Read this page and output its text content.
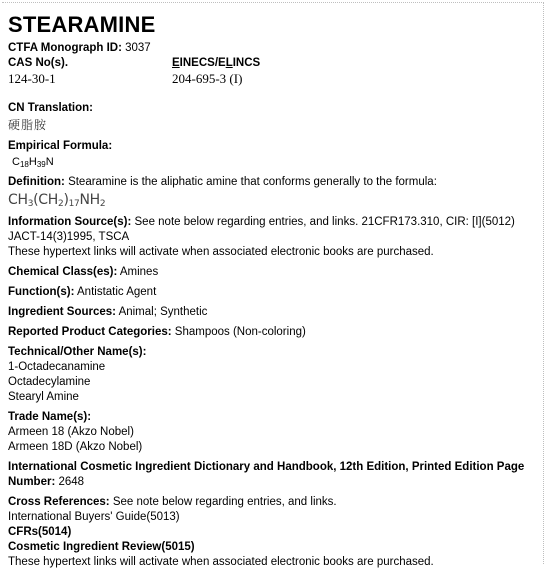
STEARAMINE
CTFA Monograph ID: 3037
CAS No(s).
124-30-1
EINECS/ELINCS
204-695-3 (I)
CN Translation:
硬脂胺
Empirical Formula:
$C_{18}H_{39}N$
Definition: Stearamine is the aliphatic amine that conforms generally to the formula:
$CH_3(CH_2)_{17}NH_2$
Information Source(s): See note below regarding entries, and links. 21CFR173.310, CIR: [I](5012)
JACT-14(3)1995, TSCA
These hypertext links will activate when associated electronic books are purchased.
Chemical Class(es): Amines
Function(s): Antistatic Agent
Ingredient Sources: Animal; Synthetic
Reported Product Categories: Shampoos (Non-coloring)
Technical/Other Name(s):
1-Octadecanamine
Octadecylamine
Stearyl Amine
Trade Name(s):
Armeen 18 (Akzo Nobel)
Armeen 18D (Akzo Nobel)
International Cosmetic Ingredient Dictionary and Handbook, 12th Edition, Printed Edition Page Number: 2648
Cross References: See note below regarding entries, and links.
International Buyers' Guide(5013)
CFRs(5014)
Cosmetic Ingredient Review(5015)
These hypertext links will activate when associated electronic books are purchased.
